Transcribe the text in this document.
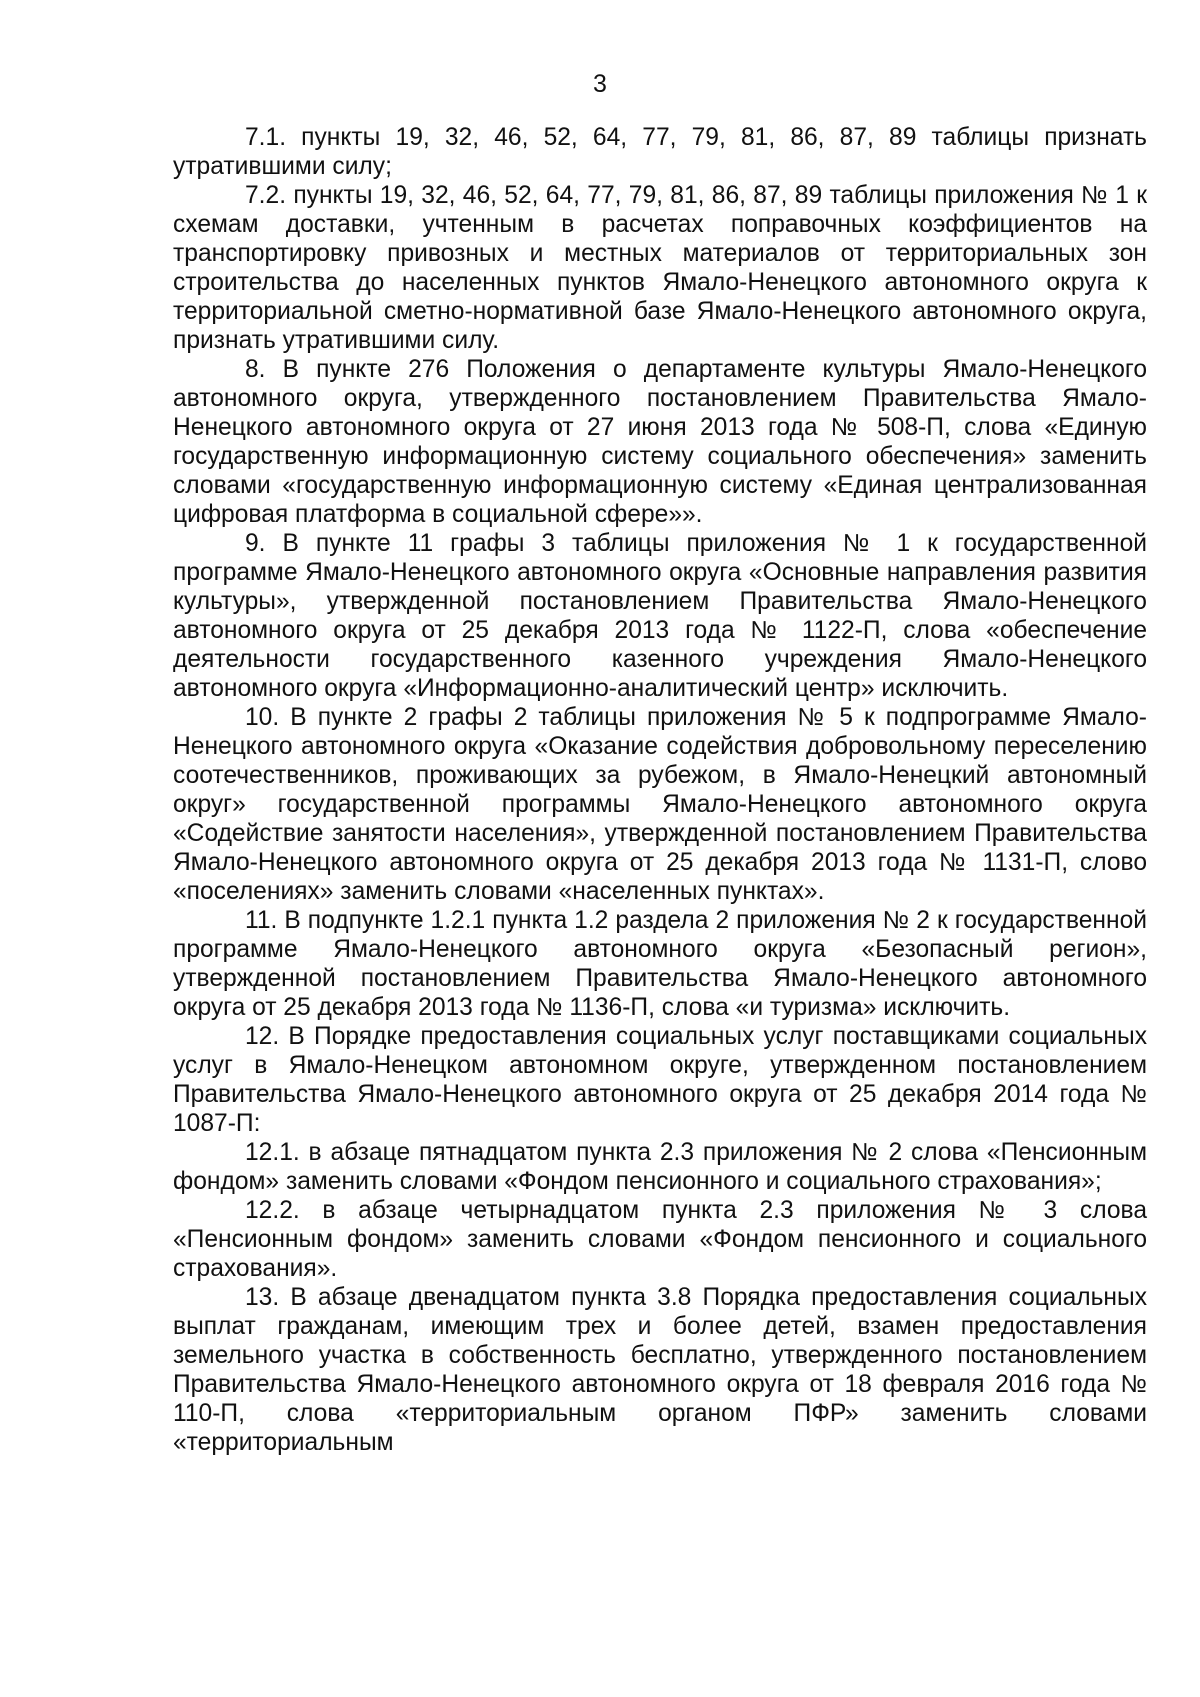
3

7.1. пункты 19, 32, 46, 52, 64, 77, 79, 81, 86, 87, 89 таблицы признать утратившими силу;

7.2. пункты 19, 32, 46, 52, 64, 77, 79, 81, 86, 87, 89 таблицы приложения № 1 к схемам доставки, учтенным в расчетах поправочных коэффициентов на транспортировку привозных и местных материалов от территориальных зон строительства до населенных пунктов Ямало-Ненецкого автономного округа к территориальной сметно-нормативной базе Ямало-Ненецкого автономного округа, признать утратившими силу.

8. В пункте 276 Положения о департаменте культуры Ямало-Ненецкого автономного округа, утвержденного постановлением Правительства Ямало-Ненецкого автономного округа от 27 июня 2013 года № 508-П, слова «Единую государственную информационную систему социального обеспечения» заменить словами «государственную информационную систему «Единая централизованная цифровая платформа в социальной сфере»».

9. В пункте 11 графы 3 таблицы приложения № 1 к государственной программе Ямало-Ненецкого автономного округа «Основные направления развития культуры», утвержденной постановлением Правительства Ямало-Ненецкого автономного округа от 25 декабря 2013 года № 1122-П, слова «обеспечение деятельности государственного казенного учреждения Ямало-Ненецкого автономного округа «Информационно-аналитический центр» исключить.

10. В пункте 2 графы 2 таблицы приложения № 5 к подпрограмме Ямало-Ненецкого автономного округа «Оказание содействия добровольному переселению соотечественников, проживающих за рубежом, в Ямало-Ненецкий автономный округ» государственной программы Ямало-Ненецкого автономного округа «Содействие занятости населения», утвержденной постановлением Правительства Ямало-Ненецкого автономного округа от 25 декабря 2013 года № 1131-П, слово «поселениях» заменить словами «населенных пунктах».

11. В подпункте 1.2.1 пункта 1.2 раздела 2 приложения № 2 к государственной программе Ямало-Ненецкого автономного округа «Безопасный регион», утвержденной постановлением Правительства Ямало-Ненецкого автономного округа от 25 декабря 2013 года № 1136-П, слова «и туризма» исключить.

12. В Порядке предоставления социальных услуг поставщиками социальных услуг в Ямало-Ненецком автономном округе, утвержденном постановлением Правительства Ямало-Ненецкого автономного округа от 25 декабря 2014 года № 1087-П:

12.1. в абзаце пятнадцатом пункта 2.3 приложения № 2 слова «Пенсионным фондом» заменить словами «Фондом пенсионного и социального страхования»;

12.2. в абзаце четырнадцатом пункта 2.3 приложения № 3 слова «Пенсионным фондом» заменить словами «Фондом пенсионного и социального страхования».

13. В абзаце двенадцатом пункта 3.8 Порядка предоставления социальных выплат гражданам, имеющим трех и более детей, взамен предоставления земельного участка в собственность бесплатно, утвержденного постановлением Правительства Ямало-Ненецкого автономного округа от 18 февраля 2016 года № 110-П, слова «территориальным органом ПФР» заменить словами «территориальным
